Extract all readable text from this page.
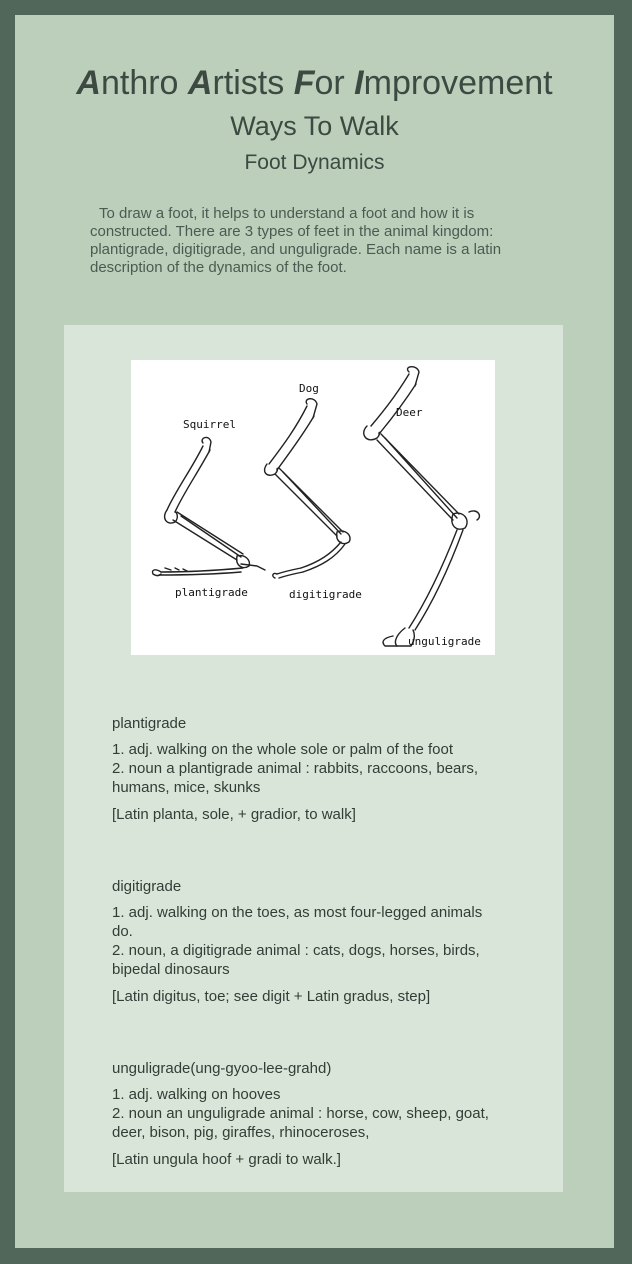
Anthro Artists For Improvement
Ways To Walk
Foot Dynamics
To draw a foot, it helps to understand a foot and how it is
constructed. There are 3 types of feet in the animal kingdom:
plantigrade, digitigrade, and unguligrade. Each name is a latin
description of the dynamics of the foot.
Squirrel
Dog
Deer
plantigrade	digitigrade
unguligrade
plantigrade
1. adj. walking on the whole sole or palm of the foot
2. noun a plantigrade animal : rabbits, raccoons, bears,
humans, mice, skunks
[Latin planta, sole, + gradior, to walk]
digitigrade
1. adj. walking on the toes, as most four-legged animals
do.
2. noun, a digitigrade animal : cats, dogs, horses, birds,
bipedal dinosaurs
[Latin digitus, toe; see digit + Latin gradus, step]
unguligrade(ung-gyoo-lee-grahd)
1. adj. walking on hooves
2. noun an unguligrade animal : horse, cow, sheep, goat,
deer, bison, pig, giraffes, rhinoceroses,
[Latin ungula hoof + gradi to walk.]
